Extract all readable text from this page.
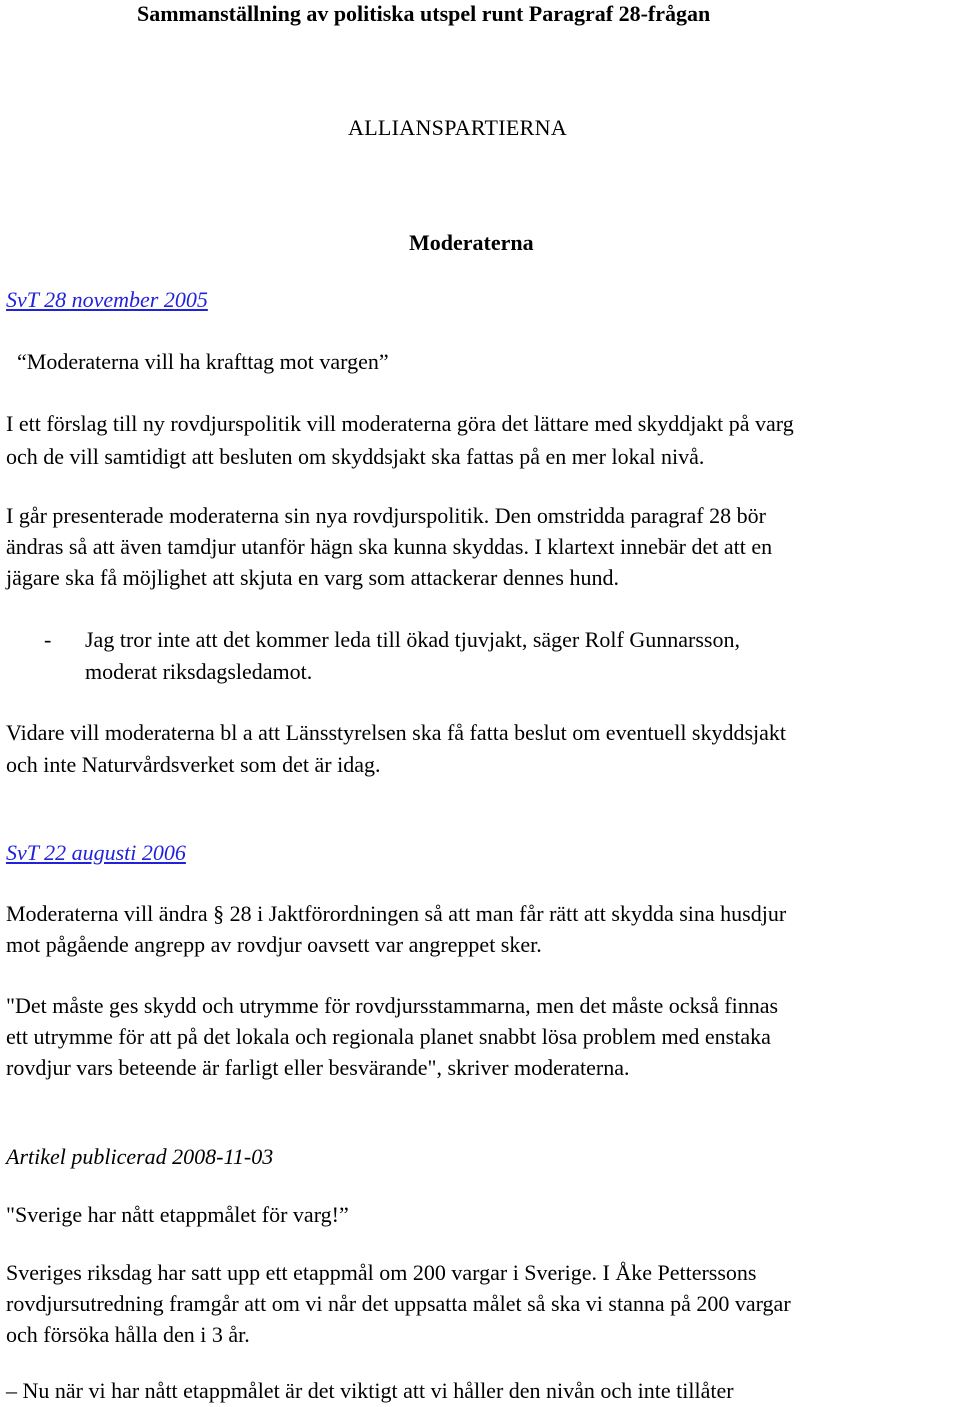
Sammanställning av politiska utspel runt Paragraf 28-frågan
ALLIANSPARTIERNA
Moderaterna
SvT 28 november 2005
“Moderaterna vill ha krafttag mot vargen”
I ett förslag till ny rovdjurspolitik vill moderaterna göra det lättare med skyddjakt på varg
och de vill samtidigt att besluten om skyddsjakt ska fattas på en mer lokal nivå.
I går presenterade moderaterna sin nya rovdjurspolitik. Den omstridda paragraf 28 bör
ändras så att även tamdjur utanför hägn ska kunna skyddas. I klartext innebär det att en
jägare ska få möjlighet att skjuta en varg som attackerar dennes hund.
- Jag tror inte att det kommer leda till ökad tjuvjakt, säger Rolf Gunnarsson,
moderat riksdagsledamot.
Vidare vill moderaterna bl a att Länsstyrelsen ska få fatta beslut om eventuell skyddsjakt
och inte Naturvårdsverket som det är idag.
SvT 22 augusti 2006
Moderaterna vill ändra § 28 i Jaktförordningen så att man får rätt att skydda sina husdjur
mot pågående angrepp av rovdjur oavsett var angreppet sker.
"Det måste ges skydd och utrymme för rovdjursstammarna, men det måste också finnas
ett utrymme för att på det lokala och regionala planet snabbt lösa problem med enstaka
rovdjur vars beteende är farligt eller besvärande", skriver moderaterna.
Artikel publicerad 2008-11-03
"Sverige har nått etappmålet för varg!”
Sveriges riksdag har satt upp ett etappmål om 200 vargar i Sverige. I Åke Petterssons
rovdjursutredning framgår att om vi når det uppsatta målet så ska vi stanna på 200 vargar
och försöka hålla den i 3 år.
– Nu när vi har nått etappmålet är det viktigt att vi håller den nivån och inte tillåter
